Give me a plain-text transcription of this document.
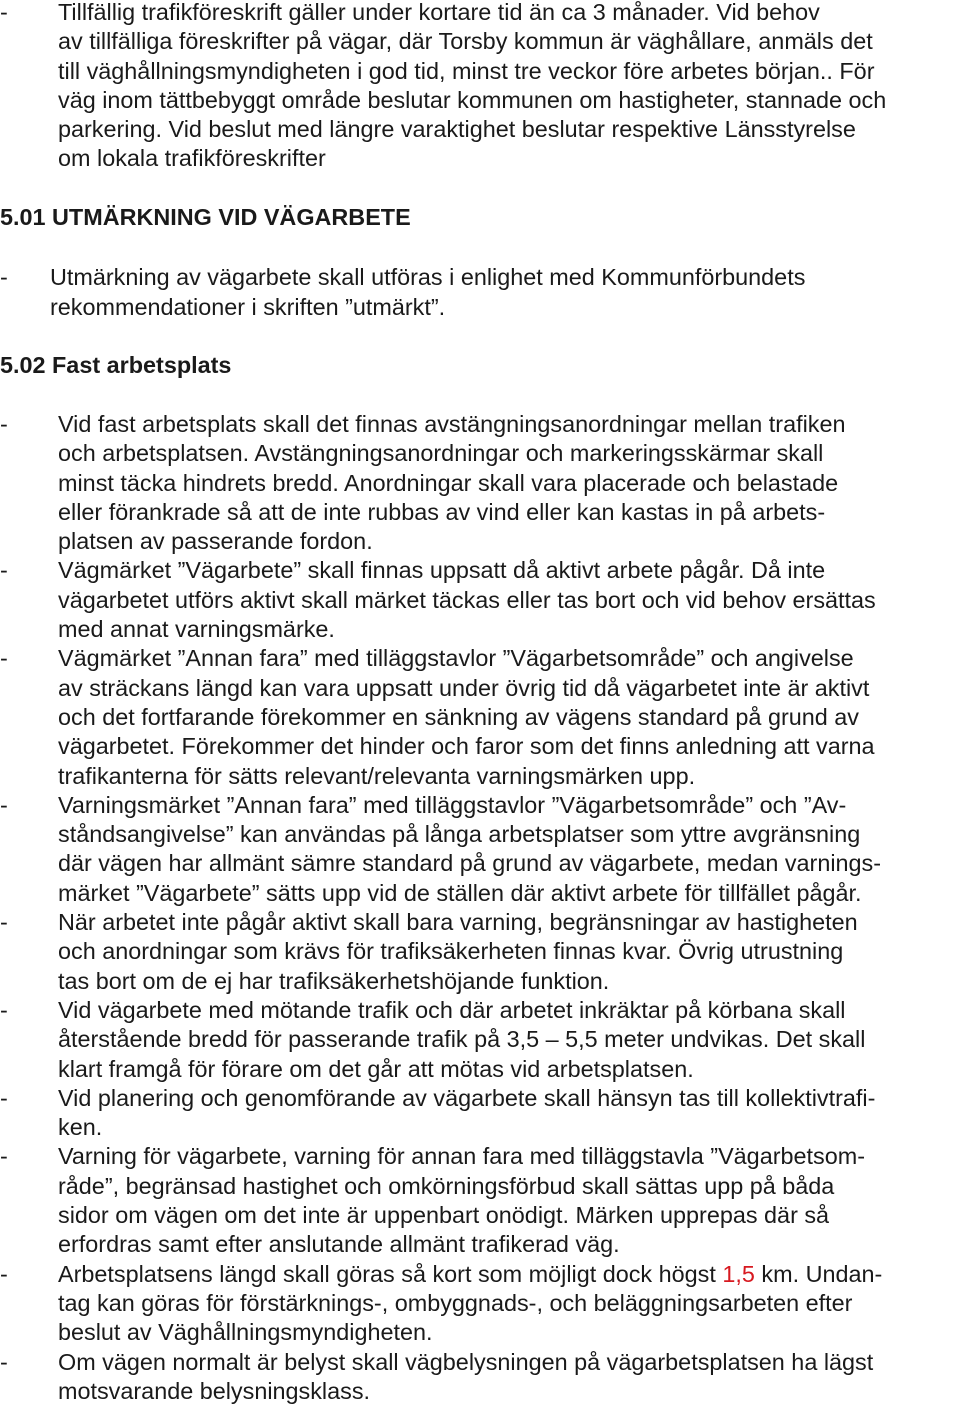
- Tillfällig trafikföreskrift gäller under kortare tid än ca 3 månader. Vid behov
av tillfälliga föreskrifter på vägar, där Torsby kommun är väghållare, anmäls det
till väghållningsmyndigheten i god tid, minst tre veckor före arbetes början.. För
väg inom tättbebyggt område beslutar kommunen om hastigheter, stannade och
parkering. Vid beslut med längre varaktighet beslutar respektive Länsstyrelse
om lokala trafikföreskrifter
5.01 UTMÄRKNING VID VÄGARBETE
- Utmärkning av vägarbete skall utföras i enlighet med Kommunförbundets
rekommendationer i skriften ”utmärkt”.
5.02 Fast arbetsplats
- Vid fast arbetsplats skall det finnas avstängningsanordningar mellan trafiken
och arbetsplatsen. Avstängningsanordningar och markeringsskärmar skall
minst täcka hindrets bredd. Anordningar skall vara placerade och belastade
eller förankrade så att de inte rubbas av vind eller kan kastas in på arbets-
platsen av passerande fordon.
- Vägmärket ”Vägarbete” skall finnas uppsatt då aktivt arbete pågår. Då inte
vägarbetet utförs aktivt skall märket täckas eller tas bort och vid behov ersättas
med annat varningsmärke.
- Vägmärket ”Annan fara” med tilläggstavlor ”Vägarbetsområde” och angivelse
av sträckans längd kan vara uppsatt under övrig tid då vägarbetet inte är aktivt
och det fortfarande förekommer en sänkning av vägens standard på grund av
vägarbetet. Förekommer det hinder och faror som det finns anledning att varna
trafikanterna för sätts relevant/relevanta varningsmärken upp.
- Varningsmärket ”Annan fara” med tilläggstavlor ”Vägarbetsområde” och ”Av-
ståndsangivelse” kan användas på långa arbetsplatser som yttre avgränsning
där vägen har allmänt sämre standard på grund av vägarbete, medan varnings-
märket ”Vägarbete” sätts upp vid de ställen där aktivt arbete för tillfället pågår.
- När arbetet inte pågår aktivt skall bara varning, begränsningar av hastigheten
och anordningar som krävs för trafiksäkerheten finnas kvar. Övrig utrustning
tas bort om de ej har trafiksäkerhetshöjande funktion.
- Vid vägarbete med mötande trafik och där arbetet inkräktar på körbana skall
återstående bredd för passerande trafik på 3,5 – 5,5 meter undvikas. Det skall
klart framgå för förare om det går att mötas vid arbetsplatsen.
- Vid planering och genomförande av vägarbete skall hänsyn tas till kollektivtrafi-
ken.
- Varning för vägarbete, varning för annan fara med tilläggstavla ”Vägarbetsom-
råde”, begränsad hastighet och omkörningsförbud skall sättas upp på båda
sidor om vägen om det inte är uppenbart onödigt. Märken upprepas där så
erfordras samt efter anslutande allmänt trafikerad väg.
- Arbetsplatsens längd skall göras så kort som möjligt dock högst 1,5 km. Undan-
tag kan göras för förstärknings-, ombyggnads-, och beläggningsarbeten efter
beslut av Väghållningsmyndigheten.
- Om vägen normalt är belyst skall vägbelysningen på vägarbetsplatsen ha lägst
motsvarande belysningsklass.
